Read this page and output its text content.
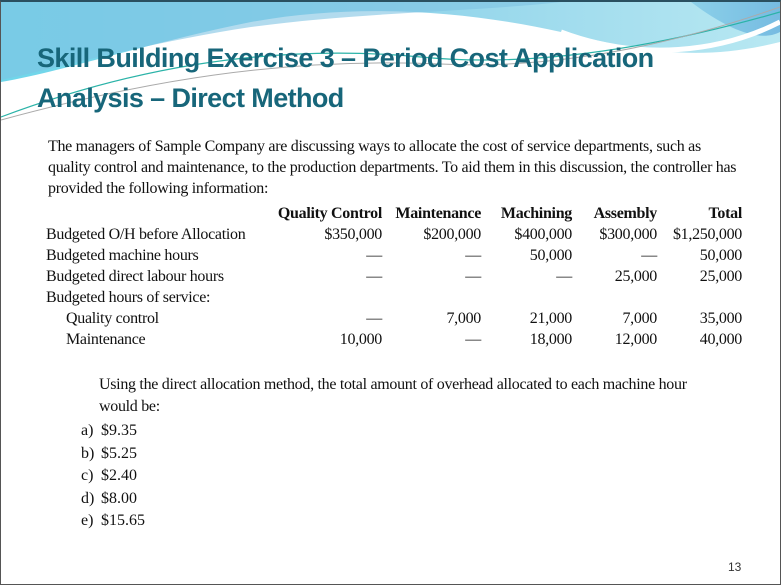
Skill Building Exercise 3 – Period Cost Application
Analysis – Direct Method
The managers of Sample Company are discussing ways to allocate the cost of service departments, such as quality control and maintenance, to the production departments. To aid them in this discussion, the controller has provided the following information:
	Quality Control	Maintenance	Machining	Assembly	Total
Budgeted O/H before Allocation	$350,000	$200,000	$400,000	$300,000	$1,250,000
Budgeted machine hours	—	—	50,000	—	50,000
Budgeted direct labour hours	—	—	—	25,000	25,000
Budgeted hours of service:					
Quality control	—	7,000	21,000	7,000	35,000
Maintenance	10,000	—	18,000	12,000	40,000
Using the direct allocation method, the total amount of overhead allocated to each machine hour would be:
a) $9.35
b) $5.25
c) $2.40
d) $8.00
e) $15.65
13
